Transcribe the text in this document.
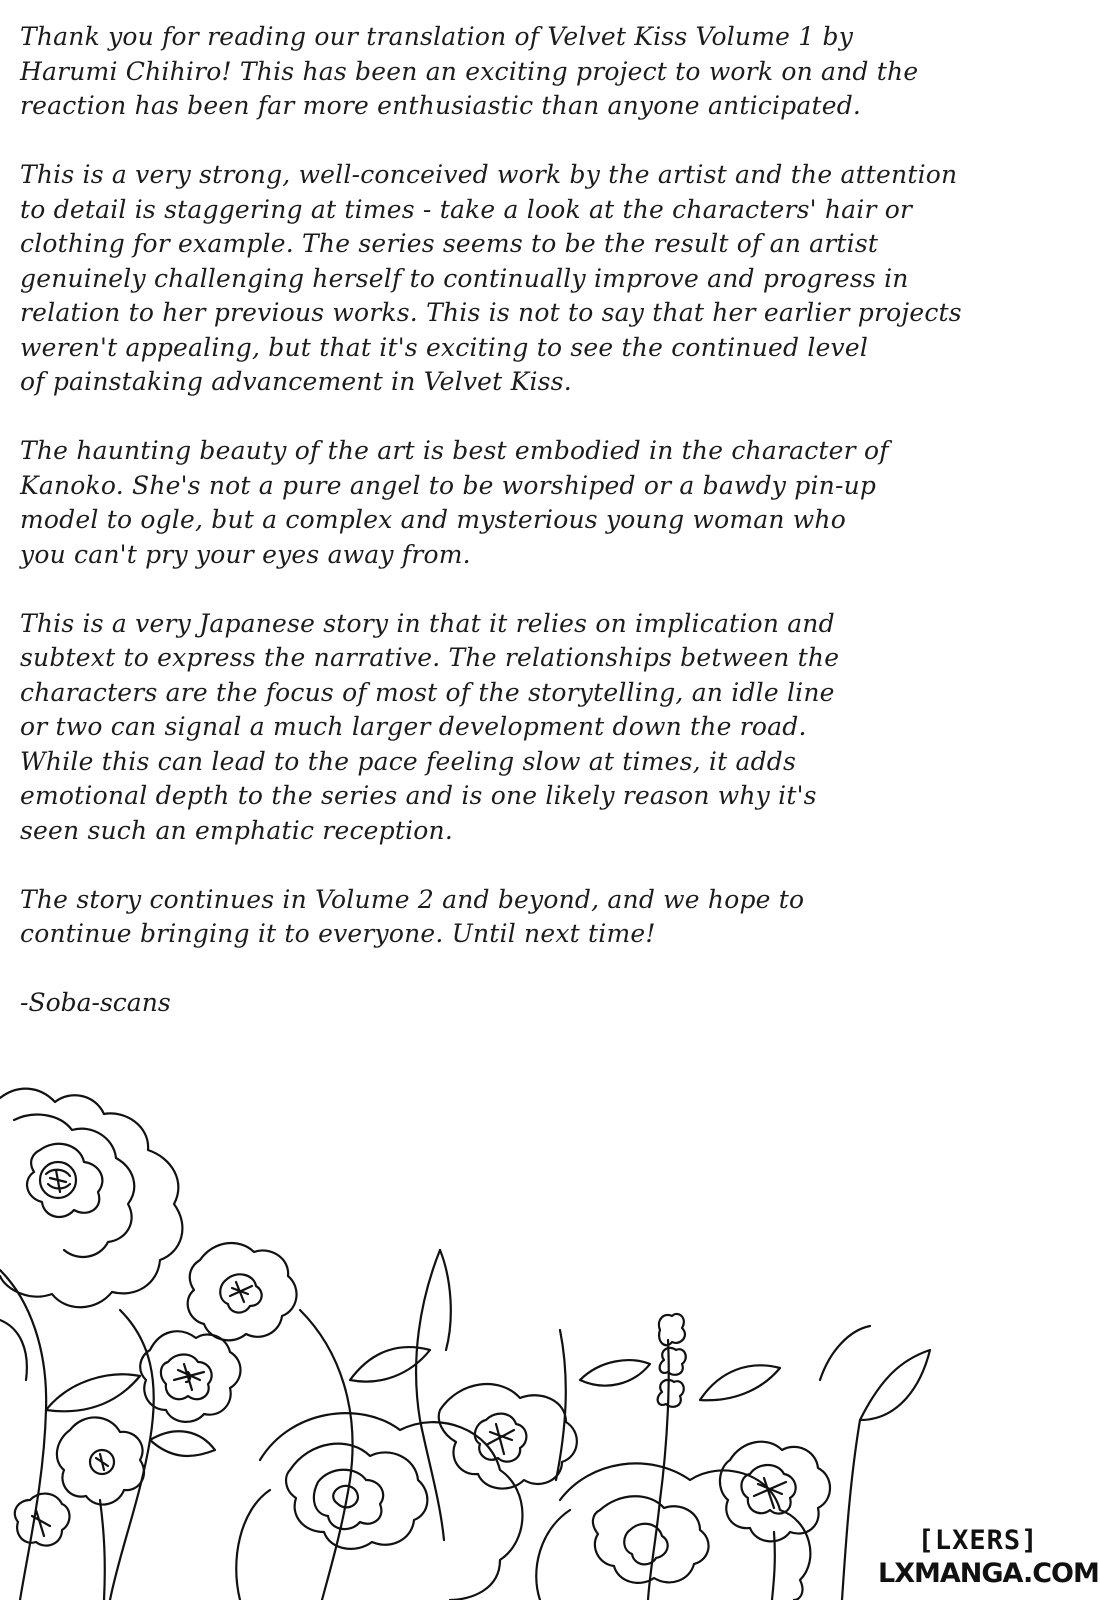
Thank you for reading our translation of Velvet Kiss Volume 1 by
Harumi Chihiro! This has been an exciting project to work on and the
reaction has been far more enthusiastic than anyone anticipated.
This is a very strong, well-conceived work by the artist and the attention
to detail is staggering at times - take a look at the characters' hair or
clothing for example. The series seems to be the result of an artist
genuinely challenging herself to continually improve and progress in
relation to her previous works. This is not to say that her earlier projects
weren't appealing, but that it's exciting to see the continued level
of painstaking advancement in Velvet Kiss.
The haunting beauty of the art is best embodied in the character of
Kanoko. She's not a pure angel to be worshiped or a bawdy pin-up
model to ogle, but a complex and mysterious young woman who
you can't pry your eyes away from.
This is a very Japanese story in that it relies on implication and
subtext to express the narrative. The relationships between the
characters are the focus of most of the storytelling, an idle line
or two can signal a much larger development down the road.
While this can lead to the pace feeling slow at times, it adds
emotional depth to the series and is one likely reason why it's
seen such an emphatic reception.
The story continues in Volume 2 and beyond, and we hope to
continue bringing it to everyone. Until next time!
-Soba-scans
[LXERS]
LXMANGA.COM
